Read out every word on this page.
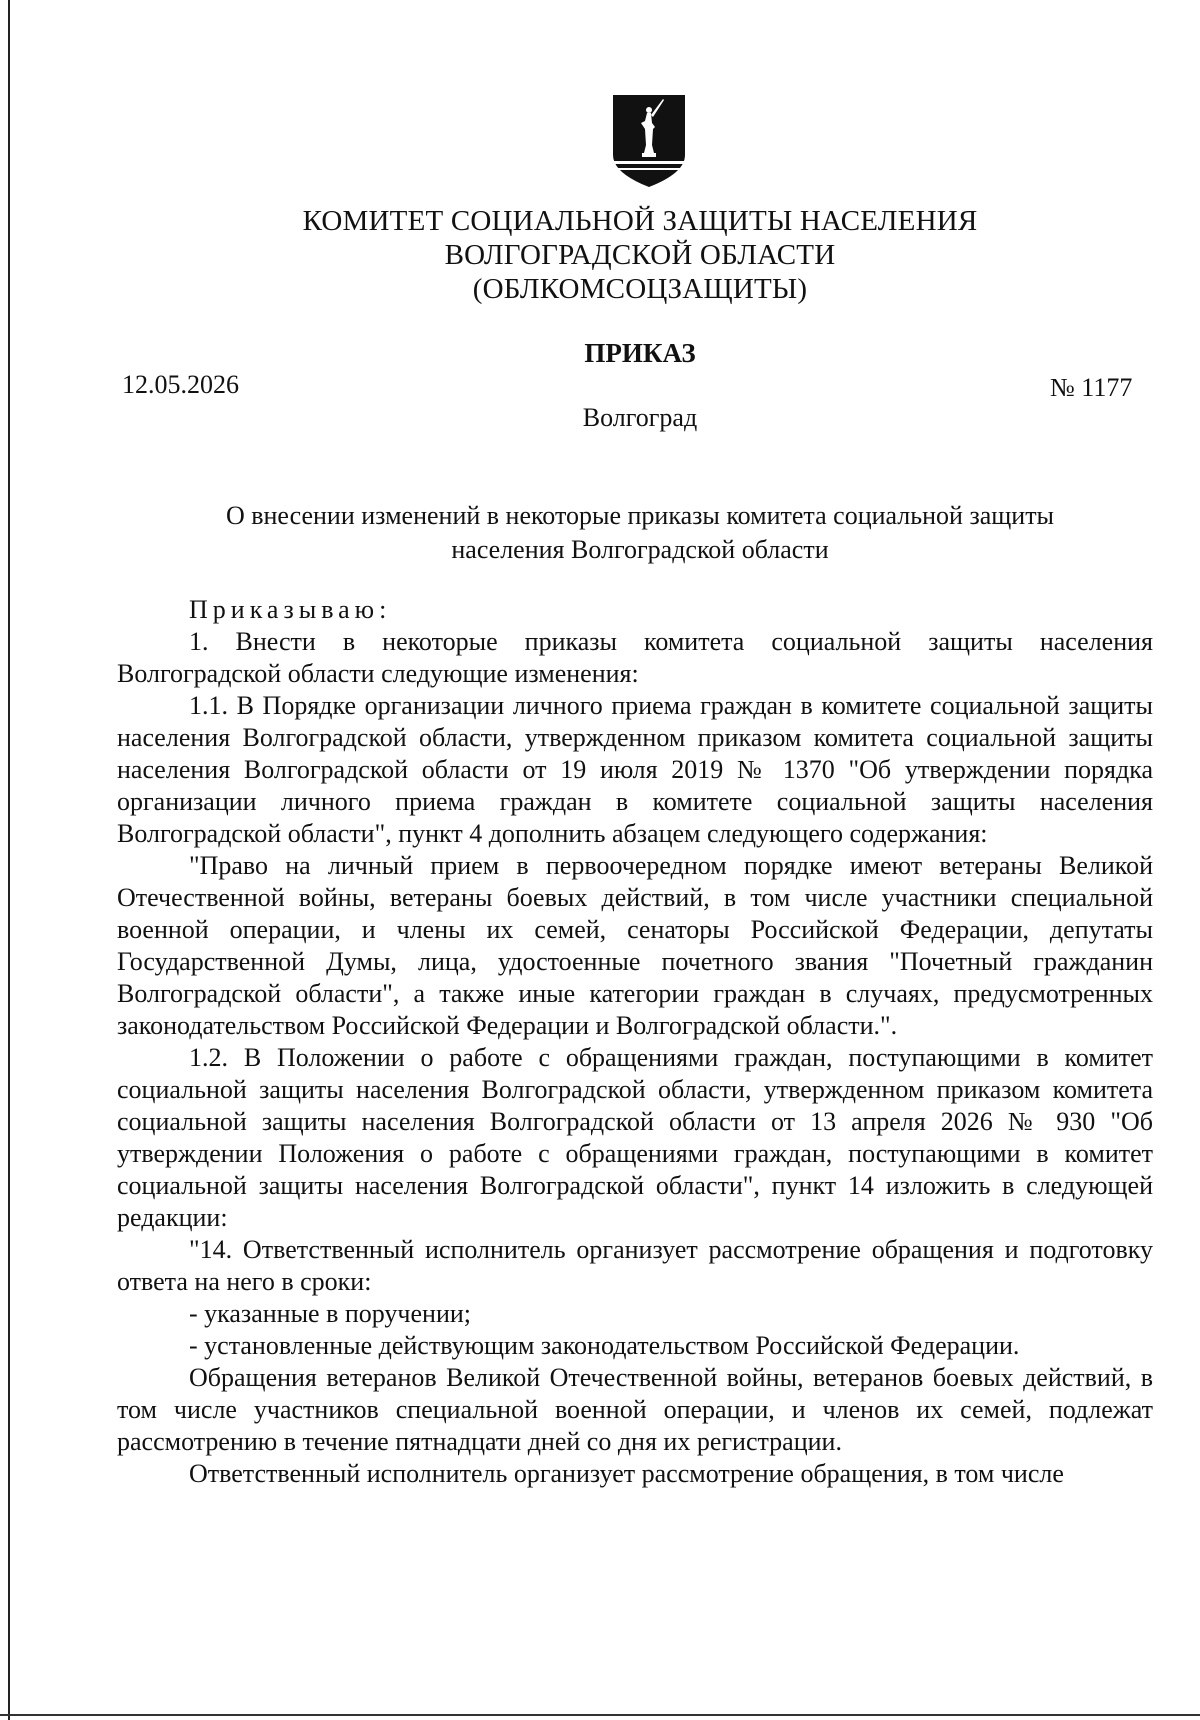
КОМИТЕТ СОЦИАЛЬНОЙ ЗАЩИТЫ НАСЕЛЕНИЯ
ВОЛГОГРАДСКОЙ ОБЛАСТИ
(ОБЛКОМСОЦЗАЩИТЫ)
ПРИКАЗ
12.05.2026	№ 1177
Волгоград
О внесении изменений в некоторые приказы комитета социальной защиты
населения Волгоградской области

Приказываю:

1. Внести в некоторые приказы комитета социальной защиты населения Волгоградской области следующие изменения:

1.1. В Порядке организации личного приема граждан в комитете социальной защиты населения Волгоградской области, утвержденном приказом комитета социальной защиты населения Волгоградской области от 19 июля 2019 № 1370 "Об утверждении порядка организации личного приема граждан в комитете социальной защиты населения Волгоградской области", пункт 4 дополнить абзацем следующего содержания:

"Право на личный прием в первоочередном порядке имеют ветераны Великой Отечественной войны, ветераны боевых действий, в том числе участники специальной военной операции, и члены их семей, сенаторы Российской Федерации, депутаты Государственной Думы, лица, удостоенные почетного звания "Почетный гражданин Волгоградской области", а также иные категории граждан в случаях, предусмотренных законодательством Российской Федерации и Волгоградской области.".

1.2. В Положении о работе с обращениями граждан, поступающими в комитет социальной защиты населения Волгоградской области, утвержденном приказом комитета социальной защиты населения Волгоградской области от 13 апреля 2026 № 930 "Об утверждении Положения о работе с обращениями граждан, поступающими в комитет социальной защиты населения Волгоградской области", пункт 14 изложить в следующей редакции:

"14. Ответственный исполнитель организует рассмотрение обращения и подготовку ответа на него в сроки:

- указанные в поручении;

- установленные действующим законодательством Российской Федерации.

Обращения ветеранов Великой Отечественной войны, ветеранов боевых действий, в том числе участников специальной военной операции, и членов их семей, подлежат рассмотрению в течение пятнадцати дней со дня их регистрации.

Ответственный исполнитель организует рассмотрение обращения, в том числе
